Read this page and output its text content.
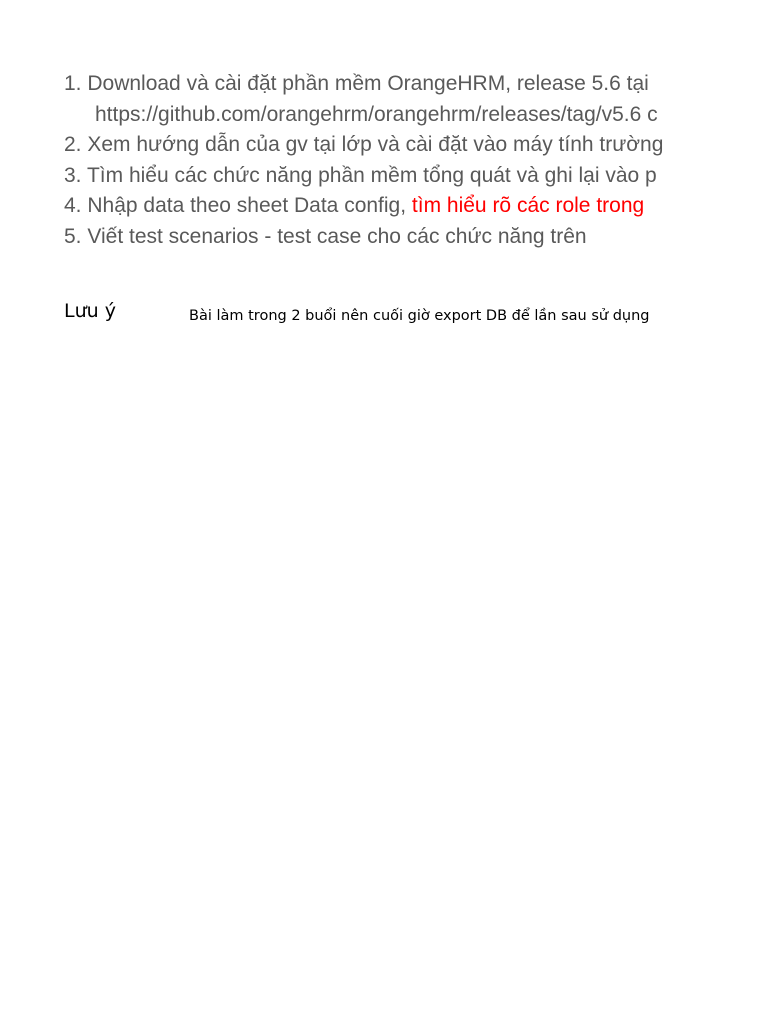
1. Download và cài đặt phần mềm OrangeHRM, release 5.6 tại
https://github.com/orangehrm/orangehrm/releases/tag/v5.6 c
2. Xem hướng dẫn của gv tại lớp và cài đặt vào máy tính trường
3. Tìm hiểu các chức năng phần mềm tổng quát và ghi lại vào p
4. Nhập data theo sheet Data config, tìm hiểu rõ các role trong
5. Viết test scenarios - test case cho các chức năng trên
Lưu ý	Bài làm trong 2 buổi nên cuối giờ export DB để lần sau sử dụng
